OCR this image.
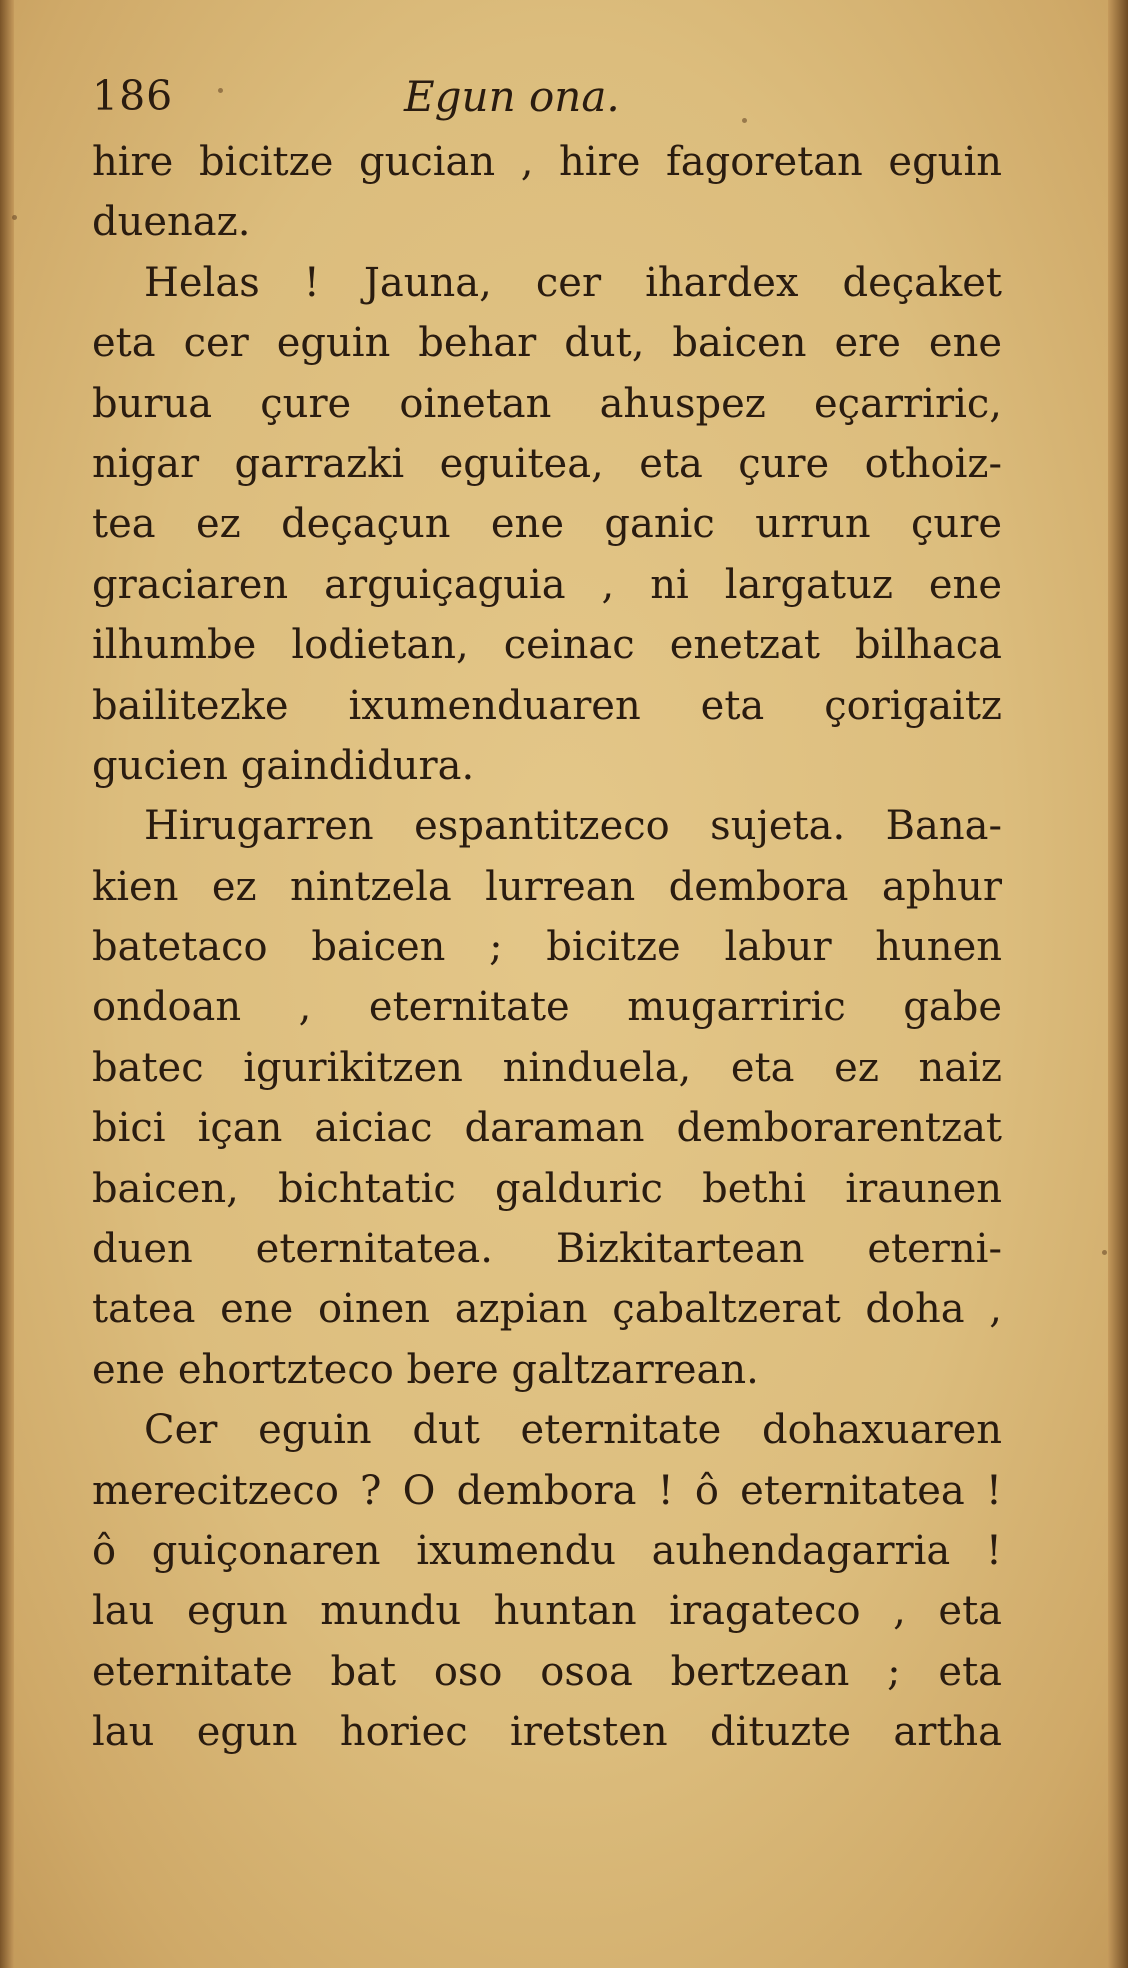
186	Egun ona.
hire bicitze gucian , hire fagoretan eguin
duenaz.
Helas ! Jauna, cer ihardex deçaket
eta cer eguin behar dut, baicen ere ene
burua çure oinetan ahuspez eçarriric,
nigar garrazki eguitea, eta çure othoiz-
tea ez deçaçun ene ganic urrun çure
graciaren arguiçaguia , ni largatuz ene
ilhumbe lodietan, ceinac enetzat bilhaca
bailitezke ixumenduaren eta çorigaitz
gucien gaindidura.
Hirugarren espantitzeco sujeta. Bana-
kien ez nintzela lurrean dembora aphur
batetaco baicen ; bicitze labur hunen
ondoan , eternitate mugarriric gabe
batec igurikitzen ninduela, eta ez naiz
bici içan aiciac daraman demborarentzat
baicen, bichtatic galduric bethi iraunen
duen eternitatea. Bizkitartean eterni-
tatea ene oinen azpian çabaltzerat doha ,
ene ehortzteco bere galtzarrean.
Cer eguin dut eternitate dohaxuaren
merecitzeco ? O dembora ! ô eternitatea !
ô guiçonaren ixumendu auhendagarria !
lau egun mundu huntan iragateco , eta
eternitate bat oso osoa bertzean ; eta
lau egun horiec iretsten dituzte artha
